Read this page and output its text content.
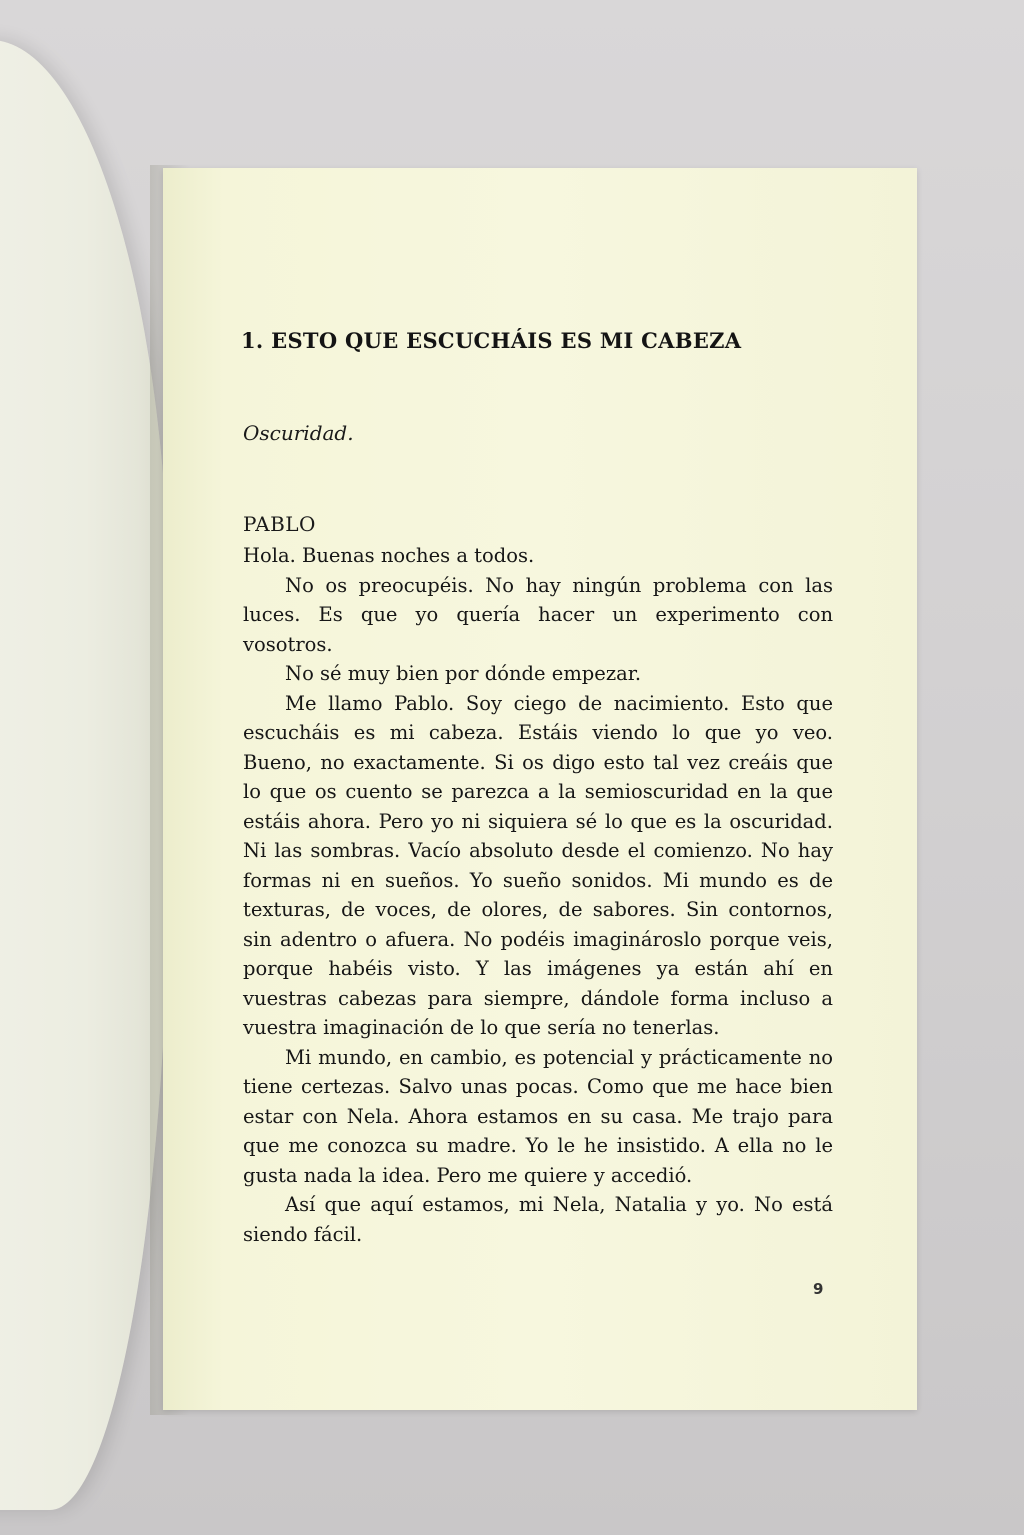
1. ESTO QUE ESCUCHÁIS ES MI CABEZA

Oscuridad.

PABLO

Hola. Buenas noches a todos.

No os preocupéis. No hay ningún problema con las luces. Es que yo quería hacer un experimento con vosotros.

No sé muy bien por dónde empezar.

Me llamo Pablo. Soy ciego de nacimiento. Esto que escucháis es mi cabeza. Estáis viendo lo que yo veo. Bueno, no exactamente. Si os digo esto tal vez creáis que lo que os cuento se parezca a la semioscuridad en la que estáis ahora. Pero yo ni siquiera sé lo que es la oscuridad. Ni las sombras. Vacío absoluto desde el comienzo. No hay formas ni en sueños. Yo sueño sonidos. Mi mundo es de texturas, de voces, de olores, de sabores. Sin contornos, sin adentro o afuera. No podéis imaginároslo porque veis, porque habéis visto. Y las imágenes ya están ahí en vuestras cabezas para siempre, dándole forma incluso a vuestra imaginación de lo que sería no tenerlas.

Mi mundo, en cambio, es potencial y prácticamente no tiene certezas. Salvo unas pocas. Como que me hace bien estar con Nela. Ahora estamos en su casa. Me trajo para que me conozca su madre. Yo le he insistido. A ella no le gusta nada la idea. Pero me quiere y accedió.

Así que aquí estamos, mi Nela, Natalia y yo. No está siendo fácil.

9
